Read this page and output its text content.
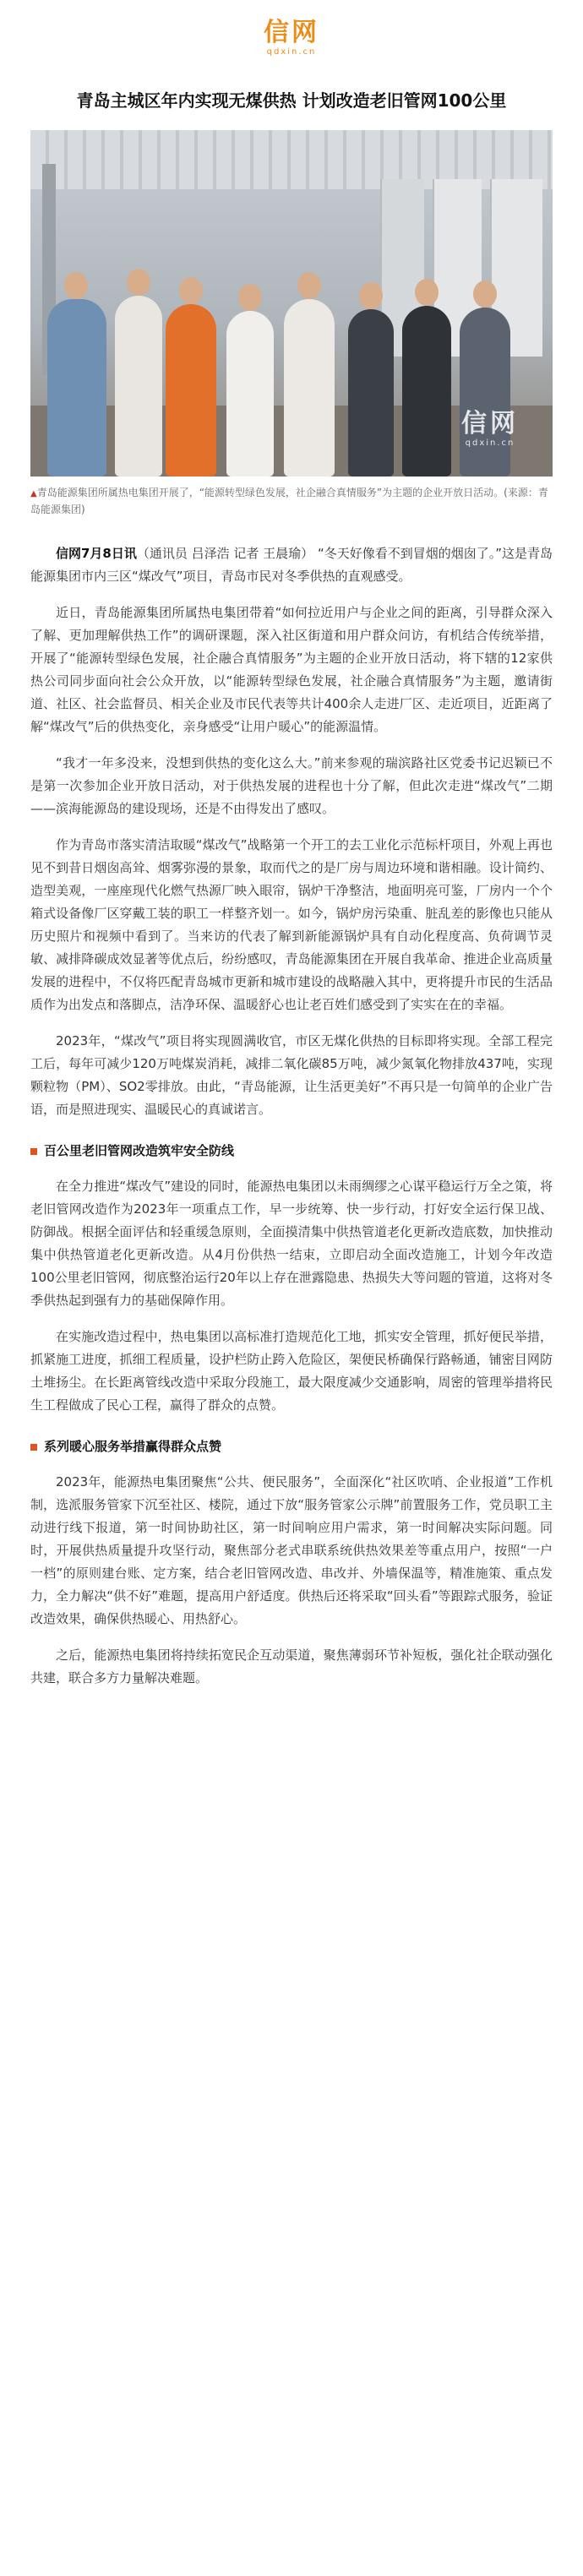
信网
qdxin.cn
青岛主城区年内实现无煤供热 计划改造老旧管网100公里
信网
qdxin.cn
▲青岛能源集团所属热电集团开展了，“能源转型绿色发展，社企融合真情服务”为主题的企业开放日活动。(来源：青岛能源集团)

信网7月8日讯（通讯员 吕泽浩 记者 王晨瑜） “冬天好像看不到冒烟的烟囱了。”这是青岛能源集团市内三区“煤改气”项目，青岛市民对冬季供热的直观感受。

近日，青岛能源集团所属热电集团带着“如何拉近用户与企业之间的距离，引导群众深入了解、更加理解供热工作”的调研课题，深入社区街道和用户群众问访，有机结合传统举措，开展了“能源转型绿色发展，社企融合真情服务”为主题的企业开放日活动，将下辖的12家供热公司同步面向社会公众开放，以“能源转型绿色发展，社企融合真情服务”为主题，邀请街道、社区、社会监督员、相关企业及市民代表等共计400余人走进厂区、走近项目，近距离了解“煤改气”后的供热变化，亲身感受“让用户暖心”的能源温情。

“我才一年多没来，没想到供热的变化这么大。”前来参观的瑞滨路社区党委书记迟颖已不是第一次参加企业开放日活动，对于供热发展的进程也十分了解，但此次走进“煤改气”二期——滨海能源岛的建设现场，还是不由得发出了感叹。

作为青岛市落实清洁取暖“煤改气”战略第一个开工的去工业化示范标杆项目，外观上再也见不到昔日烟囱高耸、烟雾弥漫的景象，取而代之的是厂房与周边环境和谐相融。设计简约、造型美观，一座座现代化燃气热源厂映入眼帘，锅炉干净整洁，地面明亮可鉴，厂房内一个个箱式设备像厂区穿戴工装的职工一样整齐划一。如今，锅炉房污染重、脏乱差的影像也只能从历史照片和视频中看到了。当来访的代表了解到新能源锅炉具有自动化程度高、负荷调节灵敏、减排降碳成效显著等优点后，纷纷感叹，青岛能源集团在开展自我革命、推进企业高质量发展的进程中，不仅将匹配青岛城市更新和城市建设的战略融入其中，更将提升市民的生活品质作为出发点和落脚点，洁净环保、温暖舒心也让老百姓们感受到了实实在在的幸福。

2023年，“煤改气”项目将实现圆满收官，市区无煤化供热的目标即将实现。全部工程完工后，每年可减少120万吨煤炭消耗，减排二氧化碳85万吨，减少氮氧化物排放437吨，实现颗粒物（PM）、SO2零排放。由此，“青岛能源，让生活更美好”不再只是一句简单的企业广告语，而是照进现实、温暖民心的真诚诺言。

百公里老旧管网改造筑牢安全防线

在全力推进“煤改气”建设的同时，能源热电集团以未雨绸缪之心谋平稳运行万全之策，将老旧管网改造作为2023年一项重点工作，早一步统筹、快一步行动，打好安全运行保卫战、防御战。根据全面评估和轻重缓急原则，全面摸清集中供热管道老化更新改造底数，加快推动集中供热管道老化更新改造。从4月份供热一结束，立即启动全面改造施工，计划今年改造100公里老旧管网，彻底整治运行20年以上存在泄露隐患、热损失大等问题的管道，这将对冬季供热起到强有力的基础保障作用。

在实施改造过程中，热电集团以高标准打造规范化工地，抓实安全管理，抓好便民举措，抓紧施工进度，抓细工程质量，设护栏防止跨入危险区，架便民桥确保行路畅通，铺密目网防土堆扬尘。在长距离管线改造中采取分段施工，最大限度减少交通影响，周密的管理举措将民生工程做成了民心工程，赢得了群众的点赞。

系列暖心服务举措赢得群众点赞

2023年，能源热电集团聚焦“公共、便民服务”，全面深化“社区吹哨、企业报道”工作机制，选派服务管家下沉至社区、楼院，通过下放“服务管家公示牌”前置服务工作，党员职工主动进行线下报道，第一时间协助社区，第一时间响应用户需求，第一时间解决实际问题。同时，开展供热质量提升攻坚行动，聚焦部分老式串联系统供热效果差等重点用户，按照“一户一档”的原则建台账、定方案，结合老旧管网改造、串改并、外墙保温等，精准施策、重点发力，全力解决“供不好”难题，提高用户舒适度。供热后还将采取“回头看”等跟踪式服务，验证改造效果，确保供热暖心、用热舒心。

之后，能源热电集团将持续拓宽民企互动渠道，聚焦薄弱环节补短板，强化社企联动强化共建，联合多方力量解决难题。
